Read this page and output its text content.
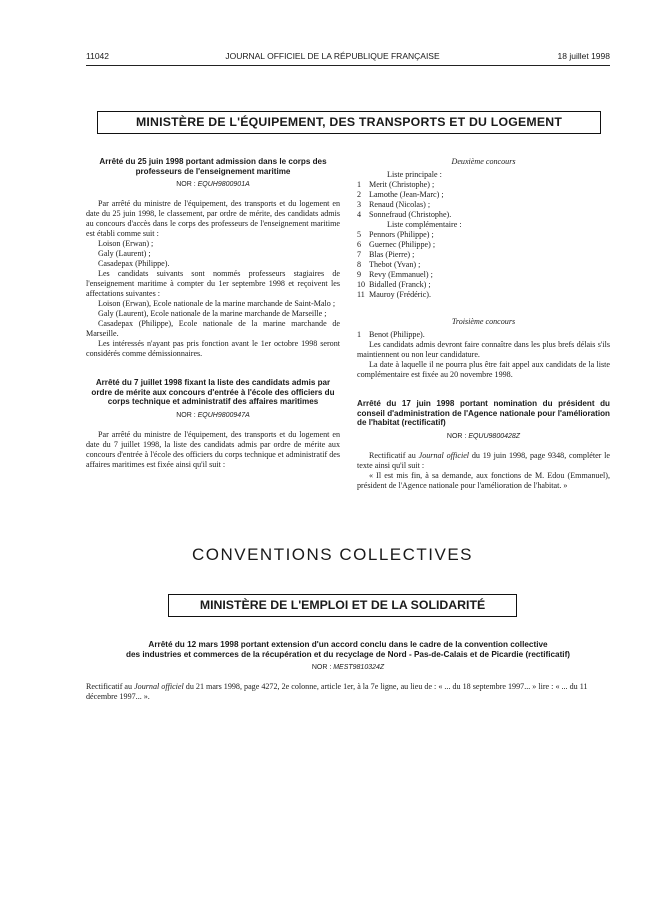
11042	JOURNAL OFFICIEL DE LA RÉPUBLIQUE FRANÇAISE	18 juillet 1998
MINISTÈRE DE L'ÉQUIPEMENT, DES TRANSPORTS ET DU LOGEMENT
Arrêté du 25 juin 1998 portant admission dans le corps des professeurs de l'enseignement maritime
NOR : EQUH9800901A
Par arrêté du ministre de l'équipement, des transports et du logement en date du 25 juin 1998, le classement, par ordre de mérite, des candidats admis au concours d'accès dans le corps des professeurs de l'enseignement maritime est établi comme suit :
Loison (Erwan) ;
Galy (Laurent) ;
Casadepax (Philippe).
Les candidats suivants sont nommés professeurs stagiaires de l'enseignement maritime à compter du 1er septembre 1998 et reçoivent les affectations suivantes :
Loison (Erwan), Ecole nationale de la marine marchande de Saint-Malo ;
Galy (Laurent), Ecole nationale de la marine marchande de Marseille ;
Casadepax (Philippe), Ecole nationale de la marine marchande de Marseille.
Les intéressés n'ayant pas pris fonction avant le 1er octobre 1998 seront considérés comme démissionnaires.
Arrêté du 7 juillet 1998 fixant la liste des candidats admis par ordre de mérite aux concours d'entrée à l'école des officiers du corps technique et administratif des affaires maritimes
NOR : EQUH9800947A
Par arrêté du ministre de l'équipement, des transports et du logement en date du 7 juillet 1998, la liste des candidats admis par ordre de mérite aux concours d'entrée à l'école des officiers du corps technique et administratif des affaires maritimes est fixée ainsi qu'il suit :
Deuxième concours
Liste principale :
1 Merit (Christophe) ;
2 Lamothe (Jean-Marc) ;
3 Renaud (Nicolas) ;
4 Sonnefraud (Christophe).
Liste complémentaire :
5 Pennors (Philippe) ;
6 Guernec (Philippe) ;
7 Blas (Pierre) ;
8 Thebot (Yvan) ;
9 Revy (Emmanuel) ;
10 Bidalled (Franck) ;
11 Mauroy (Frédéric).
Troisième concours
1 Benot (Philippe).
Les candidats admis devront faire connaître dans les plus brefs délais s'ils maintiennent ou non leur candidature.
La date à laquelle il ne pourra plus être fait appel aux candidats de la liste complémentaire est fixée au 20 novembre 1998.
Arrêté du 17 juin 1998 portant nomination du président du conseil d'administration de l'Agence nationale pour l'amélioration de l'habitat (rectificatif)
NOR : EQUU9800428Z
Rectificatif au Journal officiel du 19 juin 1998, page 9348, compléter le texte ainsi qu'il suit :
« Il est mis fin, à sa demande, aux fonctions de M. Edou (Emmanuel), président de l'Agence nationale pour l'amélioration de l'habitat. »
CONVENTIONS COLLECTIVES
MINISTÈRE DE L'EMPLOI ET DE LA SOLIDARITÉ
Arrêté du 12 mars 1998 portant extension d'un accord conclu dans le cadre de la convention collective
des industries et commerces de la récupération et du recyclage de Nord - Pas-de-Calais et de Picardie (rectificatif)
NOR : MEST9810324Z
Rectificatif au Journal officiel du 21 mars 1998, page 4272, 2e colonne, article 1er, à la 7e ligne, au lieu de : « ... du 18 septembre 1997... » lire : « ... du 11 décembre 1997... ».
